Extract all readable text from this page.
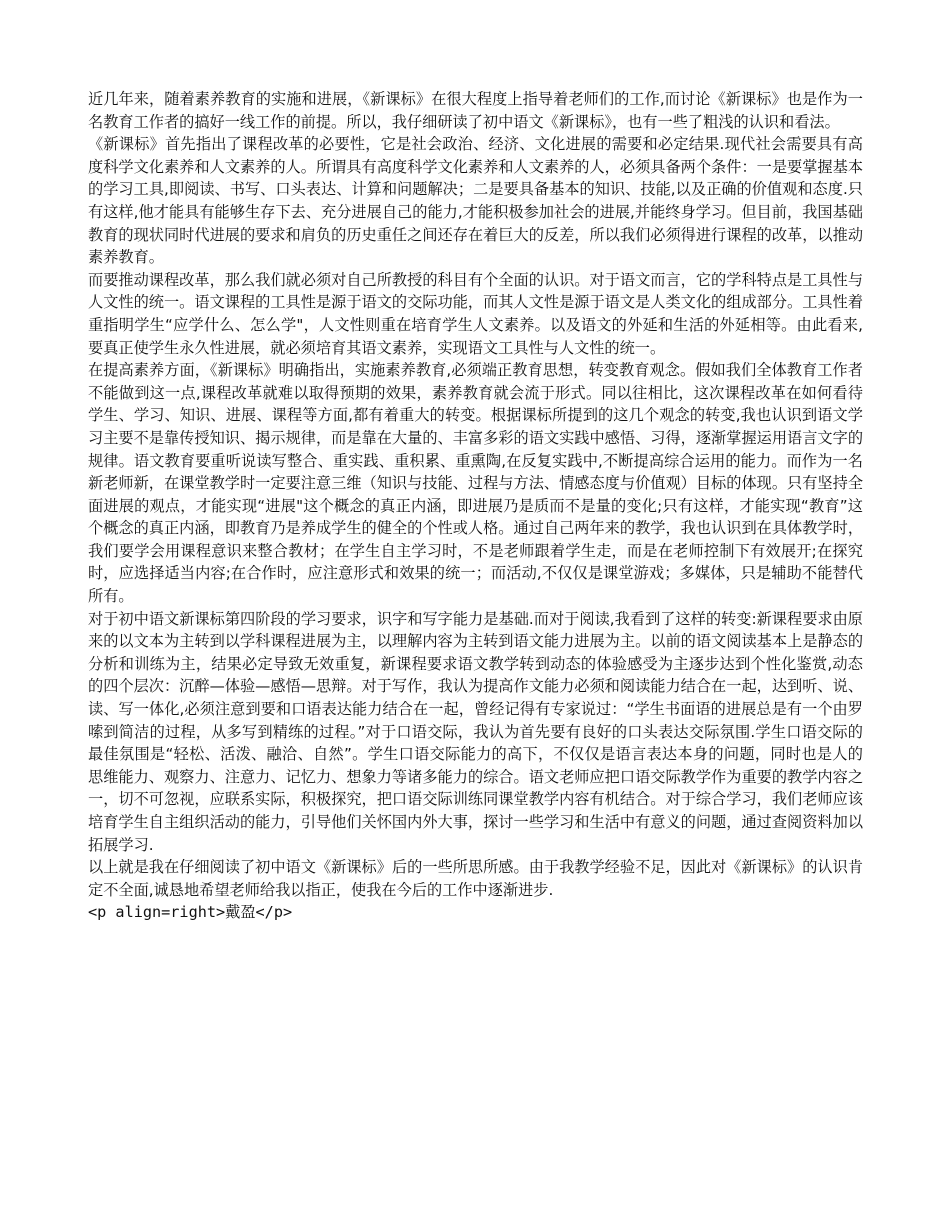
近几年来，随着素养教育的实施和进展，《新课标》在很大程度上指导着老师们的工作,而讨论《新课标》也是作为一名教育工作者的搞好一线工作的前提。所以，我仔细研读了初中语文《新课标》，也有一些了粗浅的认识和看法。

《新课标》首先指出了课程改革的必要性，它是社会政治、经济、文化进展的需要和必定结果.现代社会需要具有高度科学文化素养和人文素养的人。所谓具有高度科学文化素养和人文素养的人，必须具备两个条件：一是要掌握基本的学习工具,即阅读、书写、口头表达、计算和问题解决；二是要具备基本的知识、技能,以及正确的价值观和态度.只有这样,他才能具有能够生存下去、充分进展自己的能力,才能积极参加社会的进展,并能终身学习。但目前，我国基础教育的现状同时代进展的要求和肩负的历史重任之间还存在着巨大的反差，所以我们必须得进行课程的改革，以推动素养教育。

而要推动课程改革，那么我们就必须对自己所教授的科目有个全面的认识。对于语文而言，它的学科特点是工具性与人文性的统一。语文课程的工具性是源于语文的交际功能，而其人文性是源于语文是人类文化的组成部分。工具性着重指明学生“应学什么、怎么学"，人文性则重在培育学生人文素养。以及语文的外延和生活的外延相等。由此看来,要真正使学生永久性进展，就必须培育其语文素养，实现语文工具性与人文性的统一。

在提高素养方面，《新课标》明确指出，实施素养教育,必须端正教育思想，转变教育观念。假如我们全体教育工作者不能做到这一点,课程改革就难以取得预期的效果，素养教育就会流于形式。同以往相比，这次课程改革在如何看待学生、学习、知识、进展、课程等方面,都有着重大的转变。根据课标所提到的这几个观念的转变,我也认识到语文学习主要不是靠传授知识、揭示规律，而是靠在大量的、丰富多彩的语文实践中感悟、习得，逐渐掌握运用语言文字的规律。语文教育要重听说读写整合、重实践、重积累、重熏陶,在反复实践中,不断提高综合运用的能力。而作为一名新老师新，在课堂教学时一定要注意三维（知识与技能、过程与方法、情感态度与价值观）目标的体现。只有坚持全面进展的观点，才能实现“进展"这个概念的真正内涵，即进展乃是质而不是量的变化;只有这样，才能实现“教育”这个概念的真正内涵，即教育乃是养成学生的健全的个性或人格。通过自己两年来的教学，我也认识到在具体教学时，我们要学会用课程意识来整合教材；在学生自主学习时，不是老师跟着学生走，而是在老师控制下有效展开;在探究时，应选择适当内容;在合作时，应注意形式和效果的统一；而活动,不仅仅是课堂游戏；多媒体，只是辅助不能替代所有。

对于初中语文新课标第四阶段的学习要求，识字和写字能力是基础.而对于阅读,我看到了这样的转变:新课程要求由原来的以文本为主转到以学科课程进展为主，以理解内容为主转到语文能力进展为主。以前的语文阅读基本上是静态的分析和训练为主，结果必定导致无效重复，新课程要求语文教学转到动态的体验感受为主逐步达到个性化鉴赏,动态的四个层次：沉醉—体验—感悟—思辩。对于写作，我认为提高作文能力必须和阅读能力结合在一起，达到听、说、读、写一体化,必须注意到要和口语表达能力结合在一起，曾经记得有专家说过：“学生书面语的进展总是有一个由罗嗦到简洁的过程，从多写到精练的过程。”对于口语交际，我认为首先要有良好的口头表达交际氛围.学生口语交际的最佳氛围是“轻松、活泼、融洽、自然”。学生口语交际能力的高下，不仅仅是语言表达本身的问题，同时也是人的思维能力、观察力、注意力、记忆力、想象力等诸多能力的综合。语文老师应把口语交际教学作为重要的教学内容之一，切不可忽视，应联系实际，积极探究，把口语交际训练同课堂教学内容有机结合。对于综合学习，我们老师应该培育学生自主组织活动的能力，引导他们关怀国内外大事，探讨一些学习和生活中有意义的问题，通过查阅资料加以拓展学习.

以上就是我在仔细阅读了初中语文《新课标》后的一些所思所感。由于我教学经验不足，因此对《新课标》的认识肯定不全面,诚恳地希望老师给我以指正，使我在今后的工作中逐渐进步.

<p align=right>戴盈</p>
